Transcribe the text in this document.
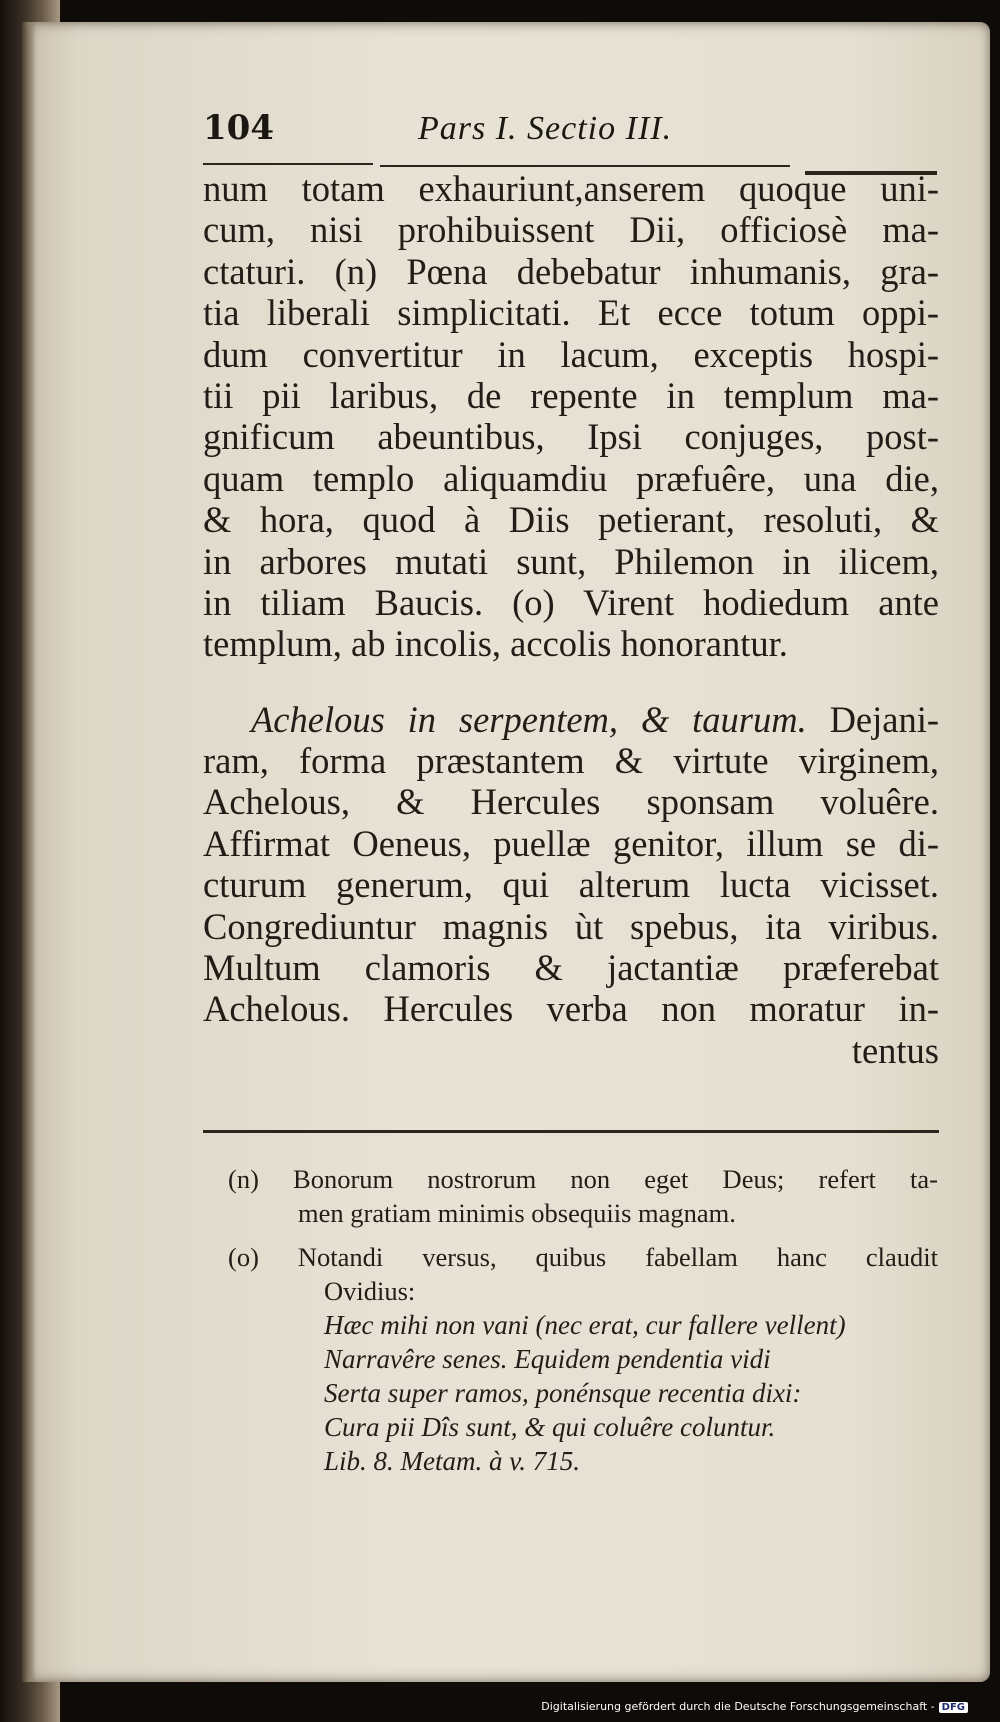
104	Pars I. Sectio III.
num totam exhauriunt,anserem quoque uni-
cum, nisi prohibuissent Dii, officiosè ma-
ctaturi. (n) Pœna debebatur inhumanis, gra-
tia liberali simplicitati. Et ecce totum oppi-
dum convertitur in lacum, exceptis hospi-
tii pii laribus, de repente in templum ma-
gnificum abeuntibus, Ipsi conjuges, post-
quam templo aliquamdiu præfuêre, una die,
& hora, quod à Diis petierant, resoluti, &
in arbores mutati sunt, Philemon in ilicem,
in tiliam Baucis. (o) Virent hodiedum ante
templum, ab incolis, accolis honorantur.
Achelous in serpentem, & taurum. Dejani-
ram, forma præstantem & virtute virginem,
Achelous, & Hercules sponsam voluêre.
Affirmat Oeneus, puellæ genitor, illum se di-
cturum generum, qui alterum lucta vicisset.
Congrediuntur magnis ùt spebus, ita viribus.
Multum clamoris & jactantiæ præferebat
Achelous. Hercules verba non moratur in-
tentus
(n) Bonorum nostrorum non eget Deus; refert ta-
men gratiam minimis obsequiis magnam.
(o) Notandi versus, quibus fabellam hanc claudit
Ovidius:
Hæc mihi non vani (nec erat, cur fallere vellent)
Narravêre senes. Equidem pendentia vidi
Serta super ramos, ponénsque recentia dixi:
Cura pii Dîs sunt, & qui coluêre coluntur.
Lib. 8. Metam. à v. 715.
Digitalisierung gefördert durch die Deutsche Forschungsgemeinschaft - DFG
